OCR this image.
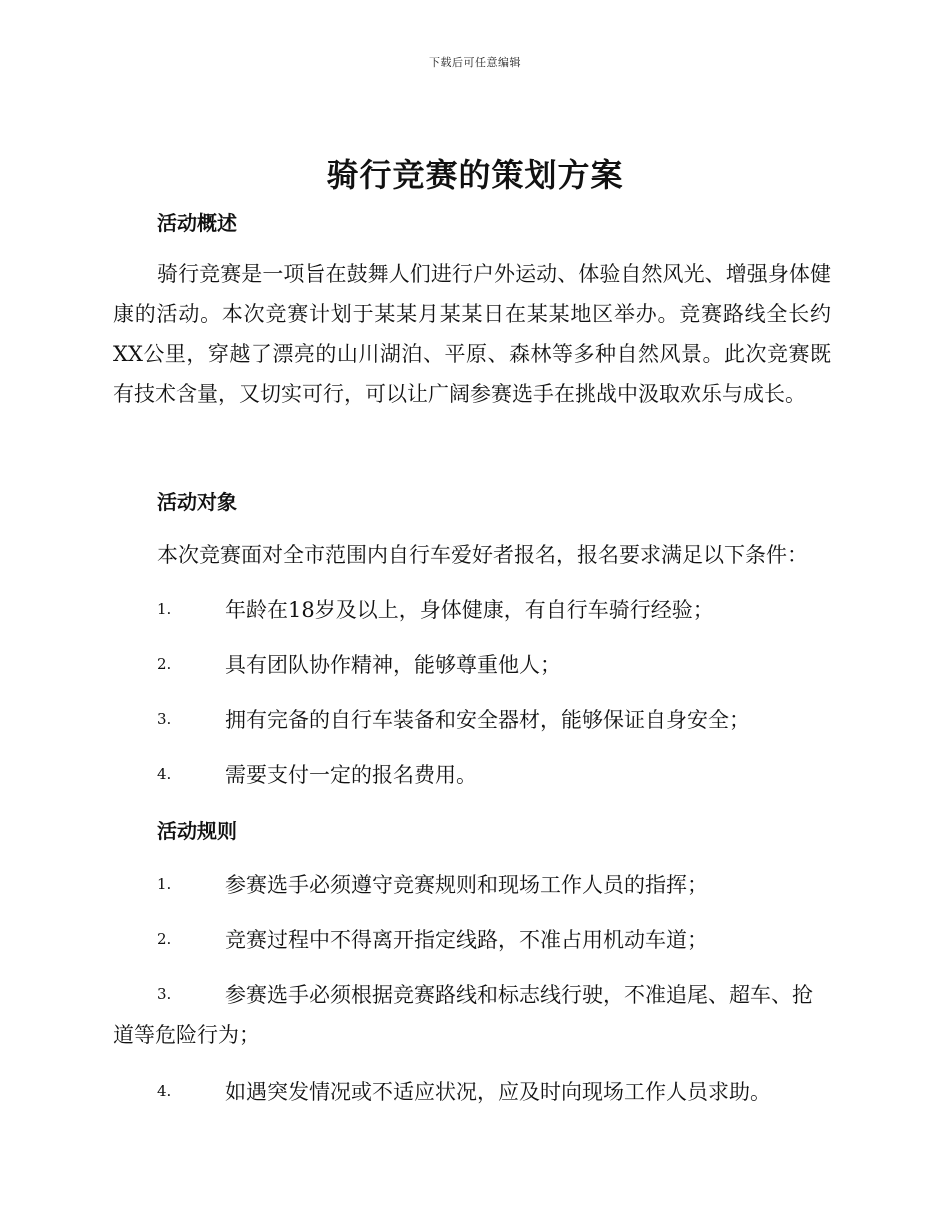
下载后可任意编辑
骑行竞赛的策划方案
活动概述
骑行竞赛是一项旨在鼓舞人们进行户外运动、体验自然风光、增强身体健康的活动。本次竞赛计划于某某月某某日在某某地区举办。竞赛路线全长约XX公里，穿越了漂亮的山川湖泊、平原、森林等多种自然风景。此次竞赛既有技术含量，又切实可行，可以让广阔参赛选手在挑战中汲取欢乐与成长。
活动对象
本次竞赛面对全市范围内自行车爱好者报名，报名要求满足以下条件：
1.	年龄在18岁及以上，身体健康，有自行车骑行经验；
2.	具有团队协作精神，能够尊重他人；
3.	拥有完备的自行车装备和安全器材，能够保证自身安全；
4.	需要支付一定的报名费用。
活动规则
1.	参赛选手必须遵守竞赛规则和现场工作人员的指挥；
2.	竞赛过程中不得离开指定线路，不准占用机动车道；
3.	参赛选手必须根据竞赛路线和标志线行驶，不准追尾、超车、抢
道等危险行为；
4.	如遇突发情况或不适应状况，应及时向现场工作人员求助。
